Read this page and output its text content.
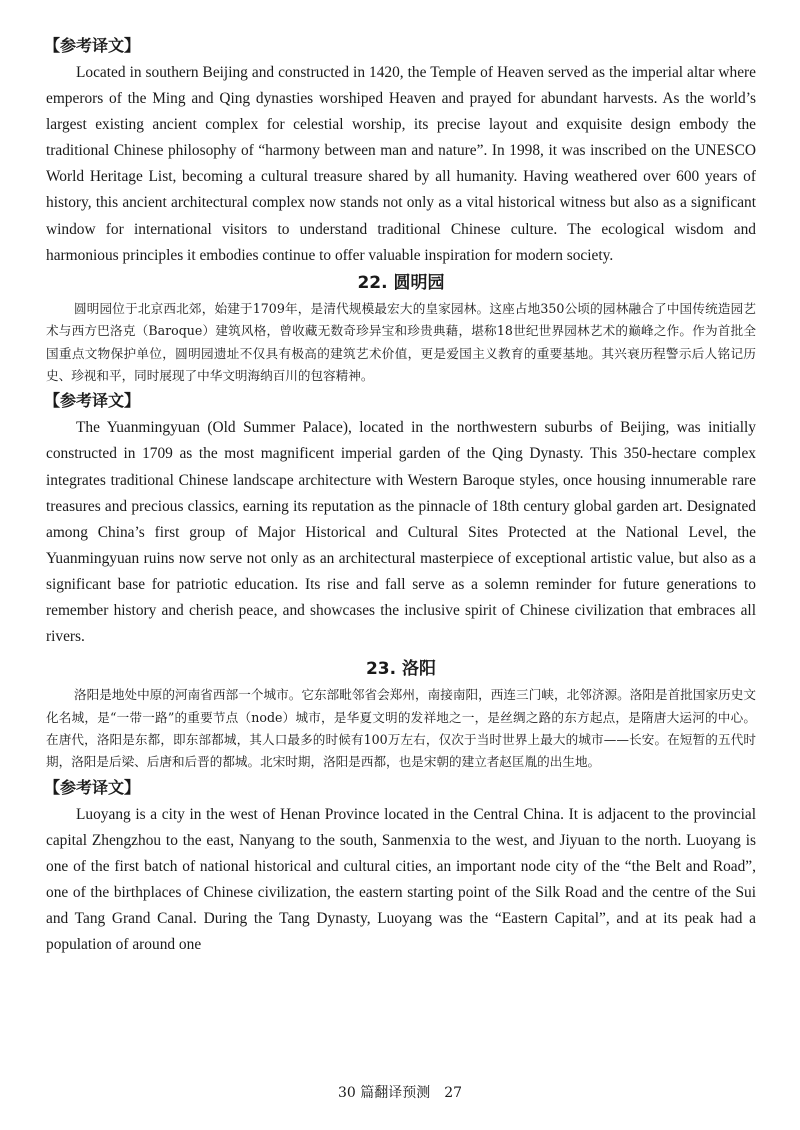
【参考译文】

Located in southern Beijing and constructed in 1420, the Temple of Heaven served as the imperial altar where emperors of the Ming and Qing dynasties worshiped Heaven and prayed for abundant harvests. As the world’s largest existing ancient complex for celestial worship, its precise layout and exquisite design embody the traditional Chinese philosophy of “harmony between man and nature”. In 1998, it was inscribed on the UNESCO World Heritage List, becoming a cultural treasure shared by all humanity. Having weathered over 600 years of history, this ancient architectural complex now stands not only as a vital historical witness but also as a significant window for international visitors to understand traditional Chinese culture. The ecological wisdom and harmonious principles it embodies continue to offer valuable inspiration for modern society.

22. 圆明园

圆明园位于北京西北郊，始建于1709年，是清代规模最宏大的皇家园林。这座占地350公顷的园林融合了中国传统造园艺术与西方巴洛克（Baroque）建筑风格，曾收藏无数奇珍异宝和珍贵典藉，堪称18世纪世界园林艺术的巅峰之作。作为首批全国重点文物保护单位，圆明园遗址不仅具有极高的建筑艺术价值，更是爱国主义教育的重要基地。其兴衰历程警示后人铭记历史、珍视和平，同时展现了中华文明海纳百川的包容精神。

【参考译文】

The Yuanmingyuan (Old Summer Palace), located in the northwestern suburbs of Beijing, was initially constructed in 1709 as the most magnificent imperial garden of the Qing Dynasty. This 350-hectare complex integrates traditional Chinese landscape architecture with Western Baroque styles, once housing innumerable rare treasures and precious classics, earning its reputation as the pinnacle of 18th century global garden art. Designated among China’s first group of Major Historical and Cultural Sites Protected at the National Level, the Yuanmingyuan ruins now serve not only as an architectural masterpiece of exceptional artistic value, but also as a significant base for patriotic education. Its rise and fall serve as a solemn reminder for future generations to remember history and cherish peace, and showcases the inclusive spirit of Chinese civilization that embraces all rivers.

23. 洛阳

洛阳是地处中原的河南省西部一个城市。它东部毗邻省会郑州，南接南阳，西连三门峡，北邻济源。洛阳是首批国家历史文化名城，是“一带一路”的重要节点（node）城市，是华夏文明的发祥地之一，是丝绸之路的东方起点，是隋唐大运河的中心。在唐代，洛阳是东都，即东部都城，其人口最多的时候有100万左右，仅次于当时世界上最大的城市——长安。在短暂的五代时期，洛阳是后梁、后唐和后晋的都城。北宋时期，洛阳是西都，也是宋朝的建立者赵匡胤的出生地。

【参考译文】

Luoyang is a city in the west of Henan Province located in the Central China. It is adjacent to the provincial capital Zhengzhou to the east, Nanyang to the south, Sanmenxia to the west, and Jiyuan to the north. Luoyang is one of the first batch of national historical and cultural cities, an important node city of the “the Belt and Road”, one of the birthplaces of Chinese civilization, the eastern starting point of the Silk Road and the centre of the Sui and Tang Grand Canal. During the Tang Dynasty, Luoyang was the “Eastern Capital”, and at its peak had a population of around one

30 篇翻译预测　27
